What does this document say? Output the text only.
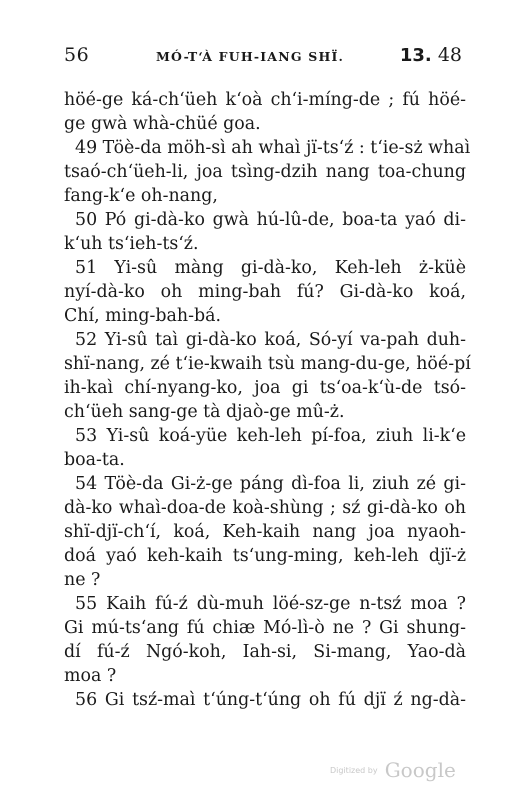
56	MÓ-T‘À FUH-IANG SHÏ.	13. 48
höé-ge ká-ch‘üeh k‘oà ch‘i-míng-de ; fú höé-
ge gwà whà-chüé goa.
49 Töè-da möh-sì ah whaì jï-ts‘ź : t‘ie-sż whaì
tsaó-ch‘üeh-li, joa tsìng-dzih nang toa-chung
fang-k‘e oh-nang,
50 Pó gi-dà-ko gwà hú-lû-de, boa-ta yaó di-
k‘uh ts‘ieh-ts‘ź.
51 Yi-sû màng gi-dà-ko, Keh-leh ż-küè
nyí-dà-ko oh ming-bah fú? Gi-dà-ko koá,
Chí, ming-bah-bá.
52 Yi-sû taì gi-dà-ko koá, Só-yí va-pah duh-
shï-nang, zé t‘ie-kwaih tsù mang-du-ge, höé-pí
ih-kaì chí-nyang-ko, joa gi ts‘oa-k‘ù-de tsó-
ch‘üeh sang-ge tà djaò-ge mû-ż.
53 Yi-sû koá-yüe keh-leh pí-foa, ziuh li-k‘e
boa-ta.
54 Töè-da Gi-ż-ge páng dì-foa li, ziuh zé gi-
dà-ko whaì-doa-de koà-shùng ; sź gi-dà-ko oh
shï-djï-ch‘í, koá, Keh-kaih nang joa nyaoh-
doá yaó keh-kaih ts‘ung-ming, keh-leh djï-ż
ne ?
55 Kaih fú-ź dù-muh löé-sz-ge n-tsź moa ?
Gi mú-ts‘ang fú chiæ Mó-lì-ò ne ? Gi shung-
dí fú-ź Ngó-koh, Iah-si, Si-mang, Yao-dà
moa ?
56 Gi tsź-maì t‘úng-t‘úng oh fú djï ź ng-dà-
Digitized by Google
